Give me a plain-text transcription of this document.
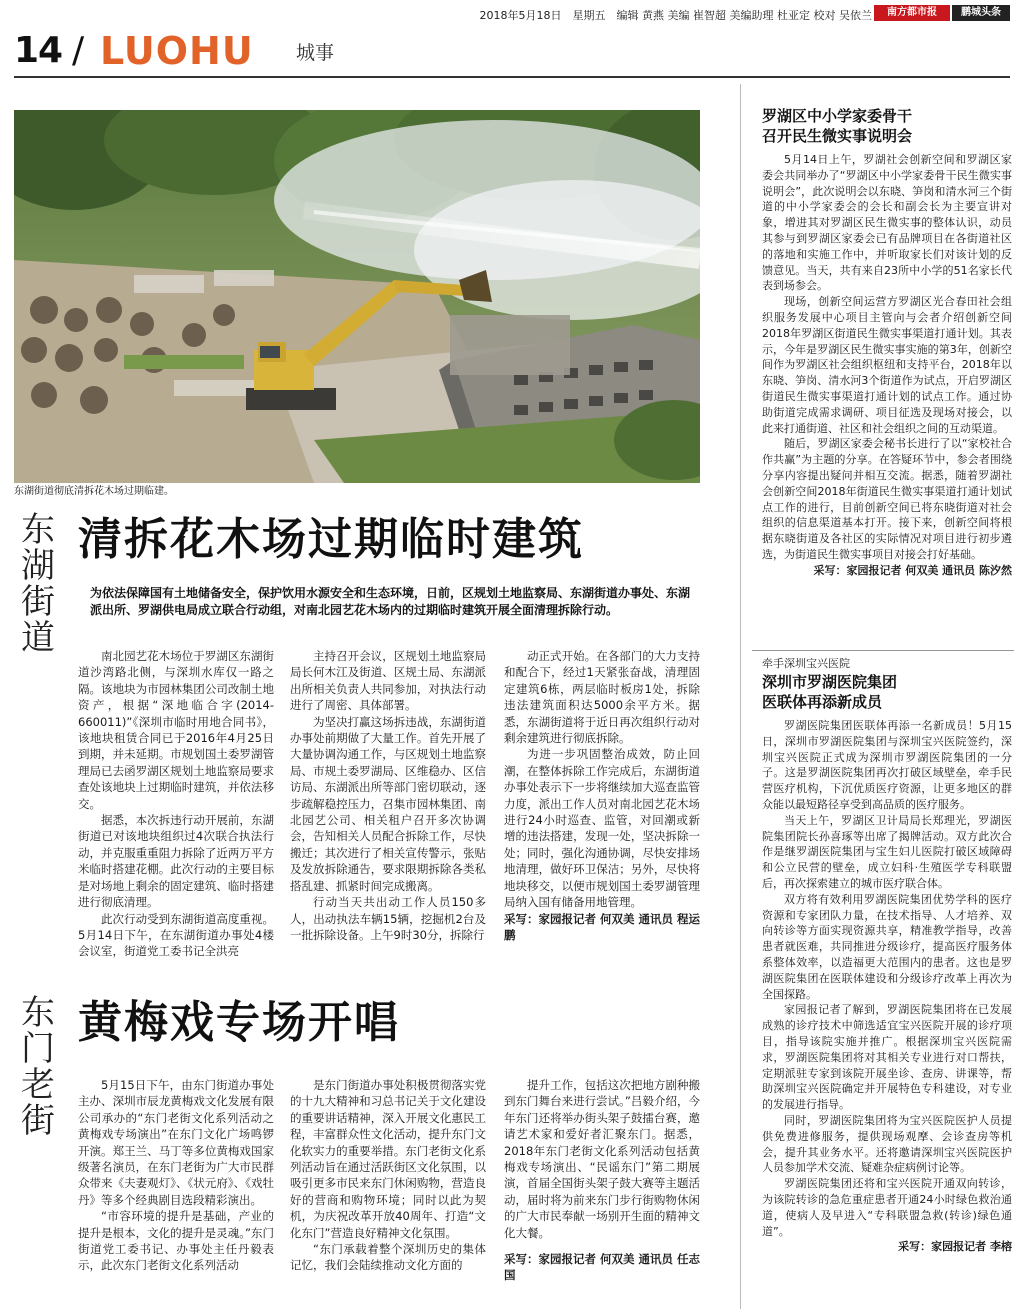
2018年5月18日　星期五　编辑 黄燕 美编 崔智超 美编助理 杜亚定 校对 吴依兰	南方都市报	鹏城头条
14 / LUOHU 城事
东湖街道彻底清拆花木场过期临建。
东
湖
街
道
清拆花木场过期临时建筑
为依法保障国有土地储备安全，保护饮用水源安全和生态环境，日前，区规划土地监察局、东湖街道办事处、东湖派出所、罗湖供电局成立联合行动组，对南北园艺花木场内的过期临时建筑开展全面清理拆除行动。

南北园艺花木场位于罗湖区东湖街道沙湾路北侧，与深圳水库仅一路之隔。该地块为市园林集团公司改制土地资产，根据“深地临合字(2014-660011)”《深圳市临时用地合同书》，该地块租赁合同已于2016年4月25日到期，并未延期。市规划国土委罗湖管理局已去函罗湖区规划土地监察局要求查处该地块上过期临时建筑，并依法移交。

据悉，本次拆违行动开展前，东湖街道已对该地块组织过4次联合执法行动，并克服重重阻力拆除了近两万平方米临时搭建花棚。此次行动的主要目标是对场地上剩余的固定建筑、临时搭建进行彻底清理。

此次行动受到东湖街道高度重视。5月14日下午，在东湖街道办事处4楼会议室，街道党工委书记全洪亮

主持召开会议，区规划土地监察局局长何木江及街道、区规土局、东湖派出所相关负责人共同参加，对执法行动进行了周密、具体部署。

为坚决打赢这场拆违战，东湖街道办事处前期做了大量工作。首先开展了大量协调沟通工作，与区规划土地监察局、市规土委罗湖局、区维稳办、区信访局、东湖派出所等部门密切联动，逐步疏解稳控压力，召集市园林集团、南北园艺公司、相关租户召开多次协调会，告知相关人员配合拆除工作，尽快搬迁；其次进行了相关宣传警示，张贴及发放拆除通告，要求限期拆除各类私搭乱建、抓紧时间完成搬离。

行动当天共出动工作人员150多人，出动执法车辆15辆，挖掘机2台及一批拆除设备。上午9时30分，拆除行

动正式开始。在各部门的大力支持和配合下，经过1天紧张奋战，清理固定建筑6栋，两层临时板房1处，拆除违法建筑面积达5000余平方米。据悉，东湖街道将于近日再次组织行动对剩余建筑进行彻底拆除。

为进一步巩固整治成效，防止回潮，在整体拆除工作完成后，东湖街道办事处表示下一步将继续加大巡查监管力度，派出工作人员对南北园艺花木场进行24小时巡查、监管，对回潮或新增的违法搭建，发现一处，坚决拆除一处；同时，强化沟通协调，尽快安排场地清理，做好环卫保洁；另外，尽快将地块移交，以便市规划国土委罗湖管理局纳入国有储备用地管理。

采写：家园报记者 何双美 通讯员 程运鹏

东
门
老
街
黄梅戏专场开唱

5月15日下午，由东门街道办事处主办、深圳市辰龙黄梅戏文化发展有限公司承办的“东门老街文化系列活动之黄梅戏专场演出”在东门文化广场鸣锣开演。郑王兰、马丁等多位黄梅戏国家级著名演员，在东门老街为广大市民群众带来《夫妻观灯》、《状元府》、《戏牡丹》等多个经典剧目选段精彩演出。

“市容环境的提升是基础，产业的提升是根本，文化的提升是灵魂。”东门街道党工委书记、办事处主任丹毅表示，此次东门老街文化系列活动

是东门街道办事处积极贯彻落实党的十九大精神和习总书记关于文化建设的重要讲话精神，深入开展文化惠民工程，丰富群众性文化活动，提升东门文化软实力的重要举措。东门老街文化系列活动旨在通过活跃街区文化氛围，以吸引更多市民来东门休闲购物，营造良好的营商和购物环境；同时以此为契机，为庆祝改革开放40周年、打造“文化东门”营造良好精神文化氛围。

“东门承载着整个深圳历史的集体记忆，我们会陆续推动文化方面的

提升工作，包括这次把地方剧种搬到东门舞台来进行尝试。”吕毅介绍，今年东门还将举办街头架子鼓擂台赛，邀请艺术家和爱好者汇聚东门。据悉，2018年东门老街文化系列活动包括黄梅戏专场演出、“民谣东门”第二期展演，首届全国街头架子鼓大赛等主题活动，届时将为前来东门步行街购物休闲的广大市民奉献一场别开生面的精神文化大餐。

采写：家园报记者 何双美 通讯员 任志国

罗湖区中小学家委骨干
召开民生微实事说明会

5月14日上午，罗湖社会创新空间和罗湖区家委会共同举办了“罗湖区中小学家委骨干民生微实事说明会”，此次说明会以东晓、笋岗和清水河三个街道的中小学家委会的会长和副会长为主要宣讲对象，增进其对罗湖区民生微实事的整体认识，动员其参与到罗湖区家委会已有品牌项目在各街道社区的落地和实施工作中，并听取家长们对该计划的反馈意见。当天，共有来自23所中小学的51名家长代表到场参会。

现场，创新空间运营方罗湖区光合春田社会组织服务发展中心项目主管向与会者介绍创新空间2018年罗湖区街道民生微实事渠道打通计划。其表示，今年是罗湖区民生微实事实施的第3年，创新空间作为罗湖区社会组织枢纽和支持平台，2018年以东晓、笋岗、清水河3个街道作为试点，开启罗湖区街道民生微实事渠道打通计划的试点工作。通过协助街道完成需求调研、项目征选及现场对接会，以此来打通街道、社区和社会组织之间的互动渠道。

随后，罗湖区家委会秘书长进行了以“家校社合作共赢”为主题的分享。在答疑环节中，参会者围绕分享内容提出疑问并相互交流。据悉，随着罗湖社会创新空间2018年街道民生微实事渠道打通计划试点工作的进行，目前创新空间已将东晓街道对社会组织的信息渠道基本打开。接下来，创新空间将根据东晓街道及各社区的实际情况对项目进行初步遴选，为街道民生微实事项目对接会打好基础。

采写：家园报记者 何双美 通讯员 陈汐然

牵手深圳宝兴医院
深圳市罗湖医院集团
医联体再添新成员

罗湖医院集团医联体再添一名新成员！5月15日，深圳市罗湖医院集团与深圳宝兴医院签约，深圳宝兴医院正式成为深圳市罗湖医院集团的一分子。这是罗湖医院集团再次打破区域壁垒，牵手民营医疗机构，下沉优质医疗资源，让更多地区的群众能以最短路径享受到高品质的医疗服务。

当天上午，罗湖区卫计局局长郑理光，罗湖医院集团院长孙喜琢等出席了揭牌活动。双方此次合作是继罗湖医院集团与宝生妇儿医院打破区域障碍和公立民营的壁垒，成立妇科·生殖医学专科联盟后，再次探索建立的城市医疗联合体。

双方将有效利用罗湖医院集团优势学科的医疗资源和专家团队力量，在技术指导、人才培养、双向转诊等方面实现资源共享，精准教学指导，改善患者就医难，共同推进分级诊疗，提高医疗服务体系整体效率，以造福更大范围内的患者。这也是罗湖医院集团在医联体建设和分级诊疗改革上再次为全国探路。

家园报记者了解到，罗湖医院集团将在已发展成熟的诊疗技术中筛选适宜宝兴医院开展的诊疗项目，指导该院实施并推广。根据深圳宝兴医院需求，罗湖医院集团将对其相关专业进行对口帮扶，定期派驻专家到该院开展坐诊、查房、讲课等，帮助深圳宝兴医院确定并开展特色专科建设，对专业的发展进行指导。

同时，罗湖医院集团将为宝兴医院医护人员提供免费进修服务，提供现场观摩、会诊查房等机会，提升其业务水平。还将邀请深圳宝兴医院医护人员参加学术交流、疑难杂症病例讨论等。

罗湖医院集团还将和宝兴医院开通双向转诊，为该院转诊的急危重症患者开通24小时绿色救治通道，使病人及早进入“专科联盟急救(转诊)绿色通道”。

采写：家园报记者 李榕
